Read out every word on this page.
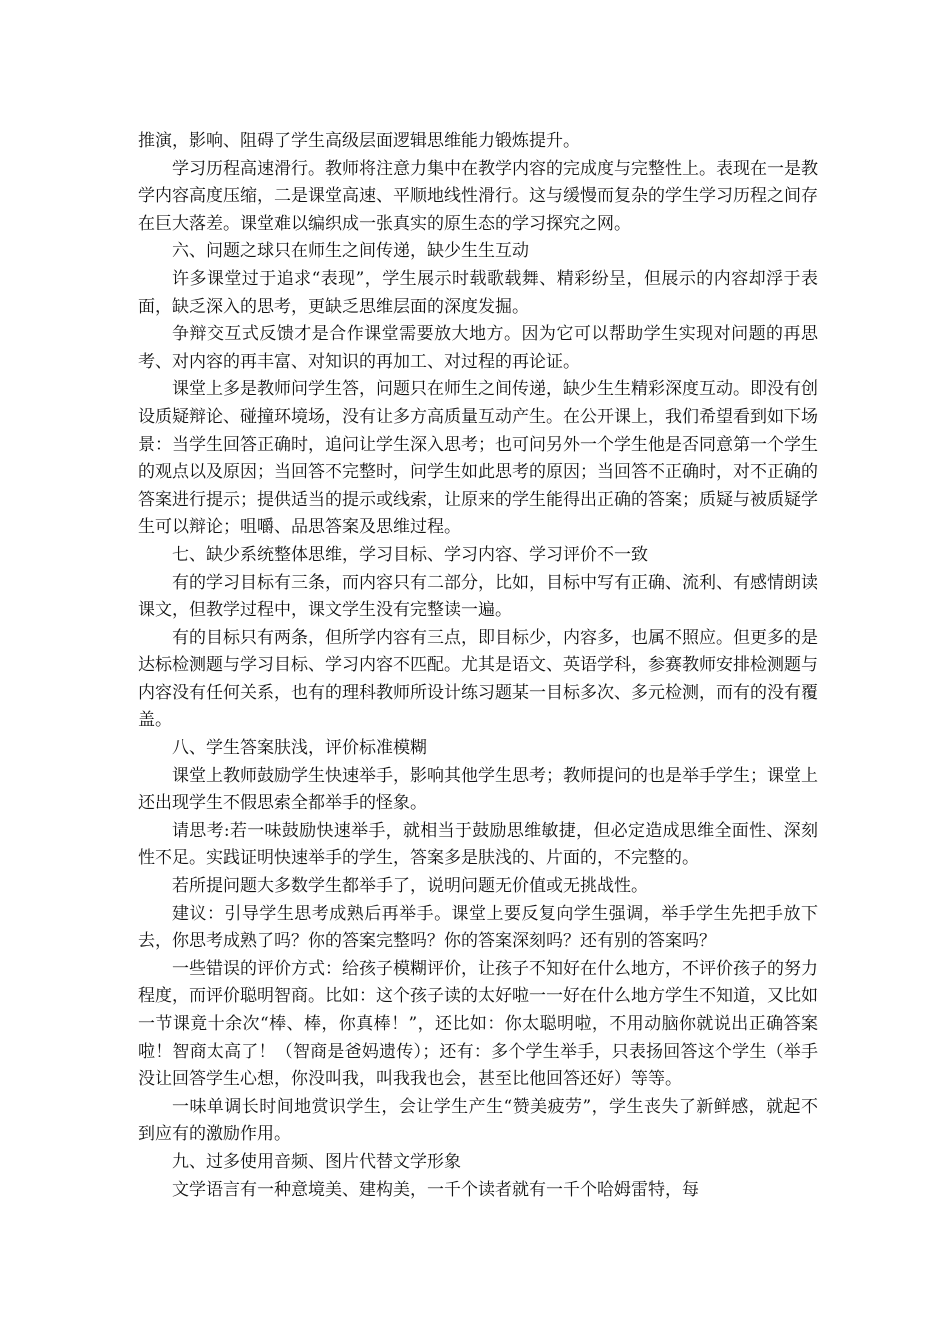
推演，影响、阻碍了学生高级层面逻辑思维能力锻炼提升。

学习历程高速滑行。教师将注意力集中在教学内容的完成度与完整性上。表现在一是教学内容高度压缩，二是课堂高速、平顺地线性滑行。这与缓慢而复杂的学生学习历程之间存在巨大落差。课堂难以编织成一张真实的原生态的学习探究之网。

六、问题之球只在师生之间传递，缺少生生互动

许多课堂过于追求“表现”，学生展示时载歌载舞、精彩纷呈，但展示的内容却浮于表面，缺乏深入的思考，更缺乏思维层面的深度发掘。

争辩交互式反馈才是合作课堂需要放大地方。因为它可以帮助学生实现对问题的再思考、对内容的再丰富、对知识的再加工、对过程的再论证。

课堂上多是教师问学生答，问题只在师生之间传递，缺少生生精彩深度互动。即没有创设质疑辩论、碰撞环境场，没有让多方高质量互动产生。在公开课上，我们希望看到如下场景：当学生回答正确时，追问让学生深入思考；也可问另外一个学生他是否同意第一个学生的观点以及原因；当回答不完整时，问学生如此思考的原因；当回答不正确时，对不正确的答案进行提示；提供适当的提示或线索，让原来的学生能得出正确的答案；质疑与被质疑学生可以辩论；咀嚼、品思答案及思维过程。

七、缺少系统整体思维，学习目标、学习内容、学习评价不一致

有的学习目标有三条，而内容只有二部分，比如，目标中写有正确、流利、有感情朗读课文，但教学过程中，课文学生没有完整读一遍。

有的目标只有两条，但所学内容有三点，即目标少，内容多，也属不照应。但更多的是达标检测题与学习目标、学习内容不匹配。尤其是语文、英语学科，参赛教师安排检测题与内容没有任何关系，也有的理科教师所设计练习题某一目标多次、多元检测，而有的没有覆盖。

八、学生答案肤浅，评价标准模糊

课堂上教师鼓励学生快速举手，影响其他学生思考；教师提问的也是举手学生；课堂上还出现学生不假思索全都举手的怪象。

请思考:若一味鼓励快速举手，就相当于鼓励思维敏捷，但必定造成思维全面性、深刻性不足。实践证明快速举手的学生，答案多是肤浅的、片面的，不完整的。

若所提问题大多数学生都举手了，说明问题无价值或无挑战性。

建议：引导学生思考成熟后再举手。课堂上要反复向学生强调，举手学生先把手放下去，你思考成熟了吗？你的答案完整吗？你的答案深刻吗？还有别的答案吗？

一些错误的评价方式：给孩子模糊评价，让孩子不知好在什么地方，不评价孩子的努力程度，而评价聪明智商。比如：这个孩子读的太好啦一一好在什么地方学生不知道，又比如一节课竟十余次“棒、棒，你真棒！”，还比如：你太聪明啦，不用动脑你就说出正确答案啦！智商太高了！（智商是爸妈遗传）；还有：多个学生举手，只表扬回答这个学生（举手没让回答学生心想，你没叫我，叫我我也会，甚至比他回答还好）等等。

一味单调长时间地赏识学生，会让学生产生“赞美疲劳”，学生丧失了新鲜感，就起不到应有的激励作用。

九、过多使用音频、图片代替文学形象

文学语言有一种意境美、建构美，一千个读者就有一千个哈姆雷特，每
